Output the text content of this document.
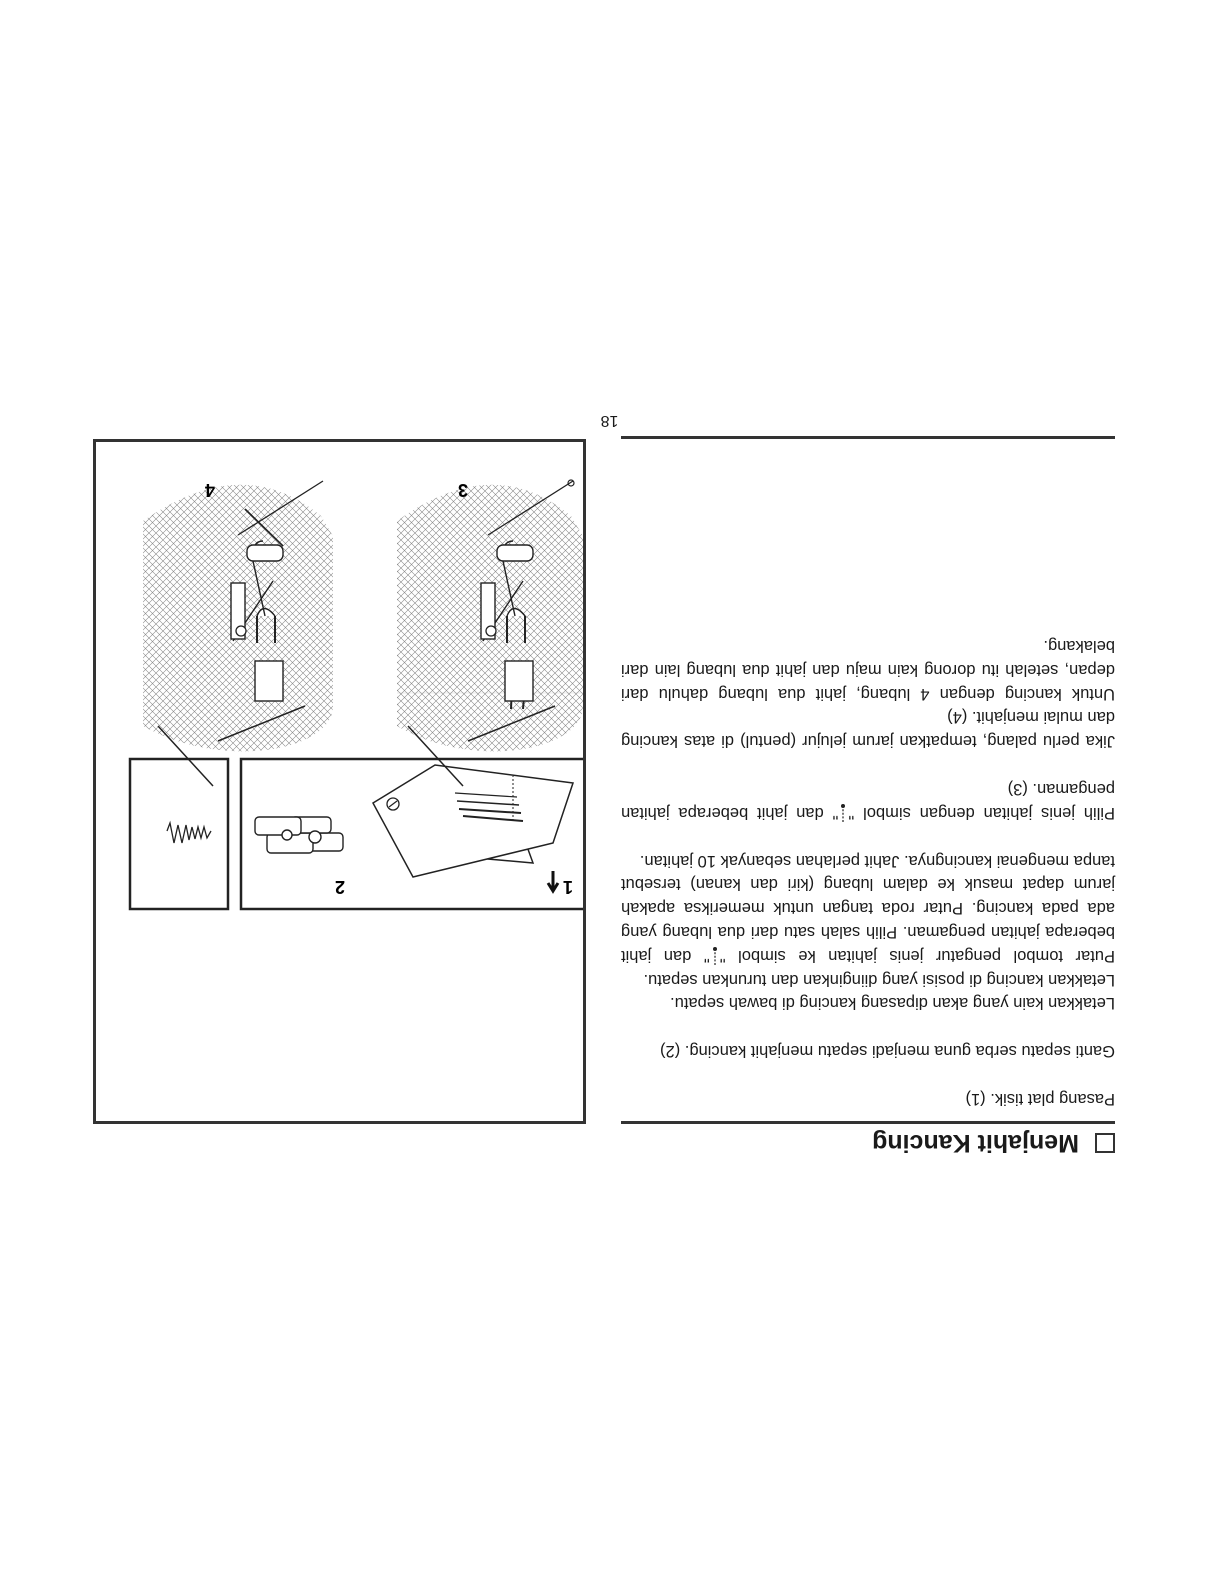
18
Menjahit Kancing

Pasang plat tisik. (1)

Ganti sepatu serba guna menjadi sepatu menjahit kancing. (2)

Letakkan kain yang akan dipasang kancing di bawah sepatu.

Letakkan kancing di posisi yang diinginkan dan turunkan sepatu.

Putar tombol pengatur jenis jahitan ke simbol "" dan jahit beberapa jahitan pengaman. Pilih salah satu dari dua lubang yang ada pada kancing. Putar roda tangan untuk memeriksa apakah jarum dapat masuk ke dalam lubang (kiri dan kanan) tersebut tanpa mengenai kancingnya. Jahit perlahan sebanyak 10 jahitan.

Pilih jenis jahitan dengan simbol "" dan jahit beberapa jahitan pengaman. (3)

Jika perlu palang, tempatkan jarum jelujur (pentul) di atas kancing dan mulai menjahit. (4)

Untuk kancing dengan 4 lubang, jahit dua lubang dahulu dari depan, setelah itu dorong kain maju dan jahit dua lubang lain dari belakang.

1
2
3
4
